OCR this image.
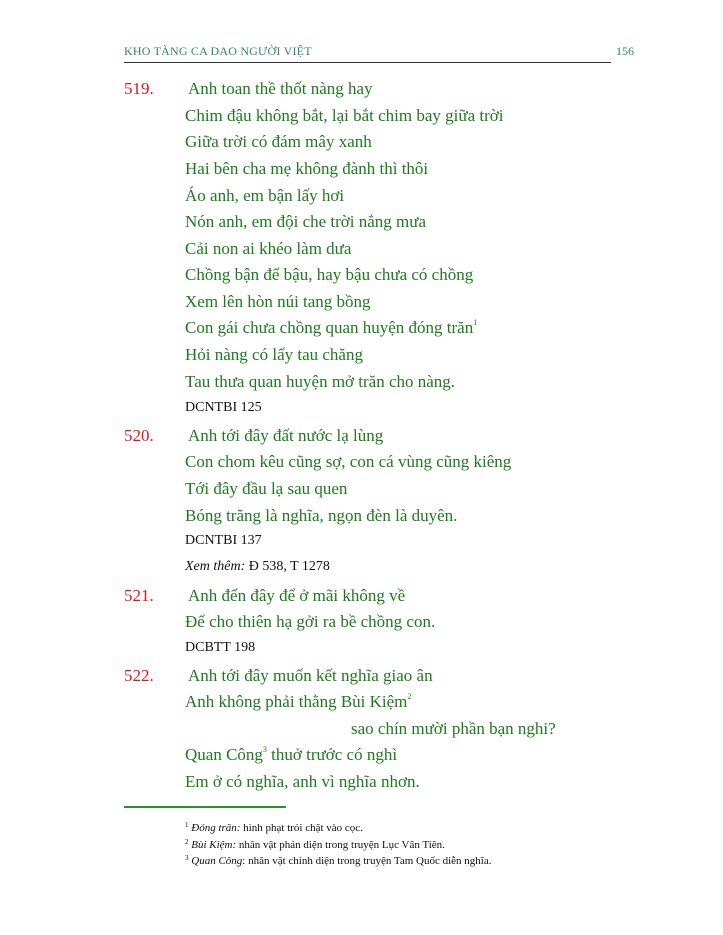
KHO TÀNG CA DAO NGƯỜI VIỆT	156
519. Anh toan thề thốt nàng hay
Chim đậu không bắt, lại bắt chim bay giữa trời
Giữa trời có đám mây xanh
Hai bên cha mẹ không đành thì thôi
Áo anh, em bận lấy hơi
Nón anh, em đội che trời nắng mưa
Cải non ai khéo làm dưa
Chồng bận để bậu, hay bậu chưa có chồng
Xem lên hòn núi tang bồng
Con gái chưa chồng quan huyện đóng trăn$^1$
Hỏi nàng có lấy tau chăng
Tau thưa quan huyện mở trăn cho nàng.
DCNTBI 125
520. Anh tới đây đất nước lạ lùng
Con chom kêu cũng sợ, con cá vùng cũng kiêng
Tới đây đầu lạ sau quen
Bóng trăng là nghĩa, ngọn đèn là duyên.
DCNTBI 137
Xem thêm: Đ 538, T 1278
521. Anh đến đây để ở mãi không về
Để cho thiên hạ gởi ra bề chồng con.
DCBTT 198
522. Anh tới đây muốn kết nghĩa giao ân
Anh không phải thằng Bùi Kiệm$^2$
sao chín mười phần bạn nghi?
Quan Công$^3$ thuở trước có nghì
Em ở có nghĩa, anh vì nghĩa nhơn.
$^1$ Đóng trăn: hình phạt trói chặt vào cọc.
$^2$ Bùi Kiệm: nhân vật phản diện trong truyện Lục Vân Tiên.
$^3$ Quan Công: nhân vật chính diện trong truyện Tam Quốc diễn nghĩa.
